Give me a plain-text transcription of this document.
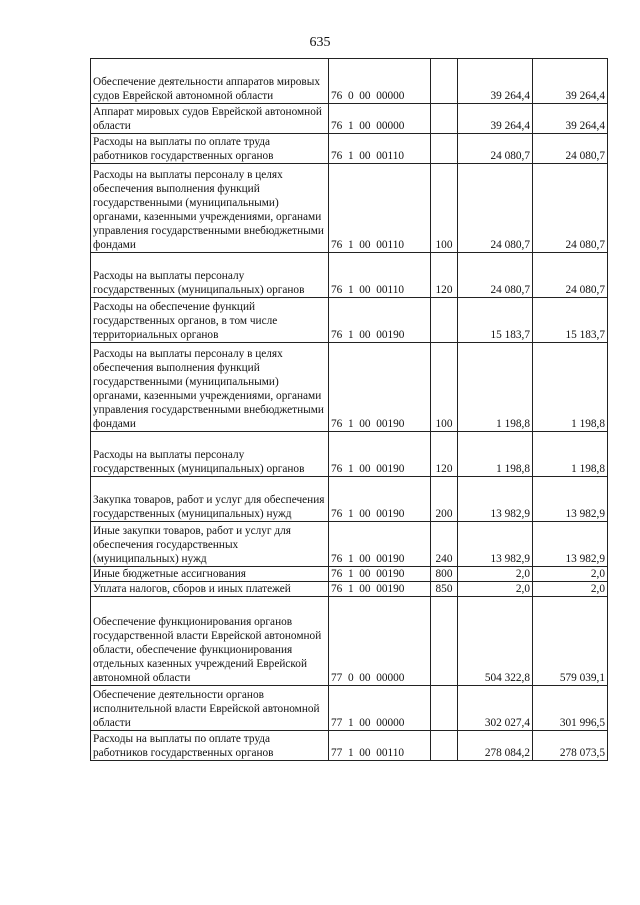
635
Обеспечение деятельности аппаратов мировых судов Еврейской автономной области	76  0  00  00000		39 264,4	39 264,4
Аппарат мировых судов Еврейской автономной области	76  1  00  00000		39 264,4	39 264,4
Расходы на выплаты по оплате труда работников государственных органов	76  1  00  00110		24 080,7	24 080,7
Расходы на выплаты персоналу в целях обеспечения выполнения функций государственными (муниципальными) органами, казенными учреждениями, органами управления государственными внебюджетными фондами	76  1  00  00110	100	24 080,7	24 080,7
Расходы на выплаты персоналу государственных (муниципальных) органов	76  1  00  00110	120	24 080,7	24 080,7
Расходы на обеспечение функций государственных органов, в том числе территориальных органов	76  1  00  00190		15 183,7	15 183,7
Расходы на выплаты персоналу в целях обеспечения выполнения функций государственными (муниципальными) органами, казенными учреждениями, органами управления государственными внебюджетными фондами	76  1  00  00190	100	1 198,8	1 198,8
Расходы на выплаты персоналу государственных (муниципальных) органов	76  1  00  00190	120	1 198,8	1 198,8
Закупка товаров, работ и услуг для обеспечения государственных (муниципальных) нужд	76  1  00  00190	200	13 982,9	13 982,9
Иные закупки товаров, работ и услуг для обеспечения государственных (муниципальных) нужд	76  1  00  00190	240	13 982,9	13 982,9
Иные бюджетные ассигнования	76  1  00  00190	800	2,0	2,0
Уплата налогов, сборов и иных платежей	76  1  00  00190	850	2,0	2,0
Обеспечение функционирования органов государственной власти Еврейской автономной области, обеспечение функционирования отдельных казенных учреждений Еврейской автономной области	77  0  00  00000		504 322,8	579 039,1
Обеспечение деятельности органов исполнительной власти Еврейской автономной области	77  1  00  00000		302 027,4	301 996,5
Расходы на выплаты по оплате труда работников государственных органов	77  1  00  00110		278 084,2	278 073,5
